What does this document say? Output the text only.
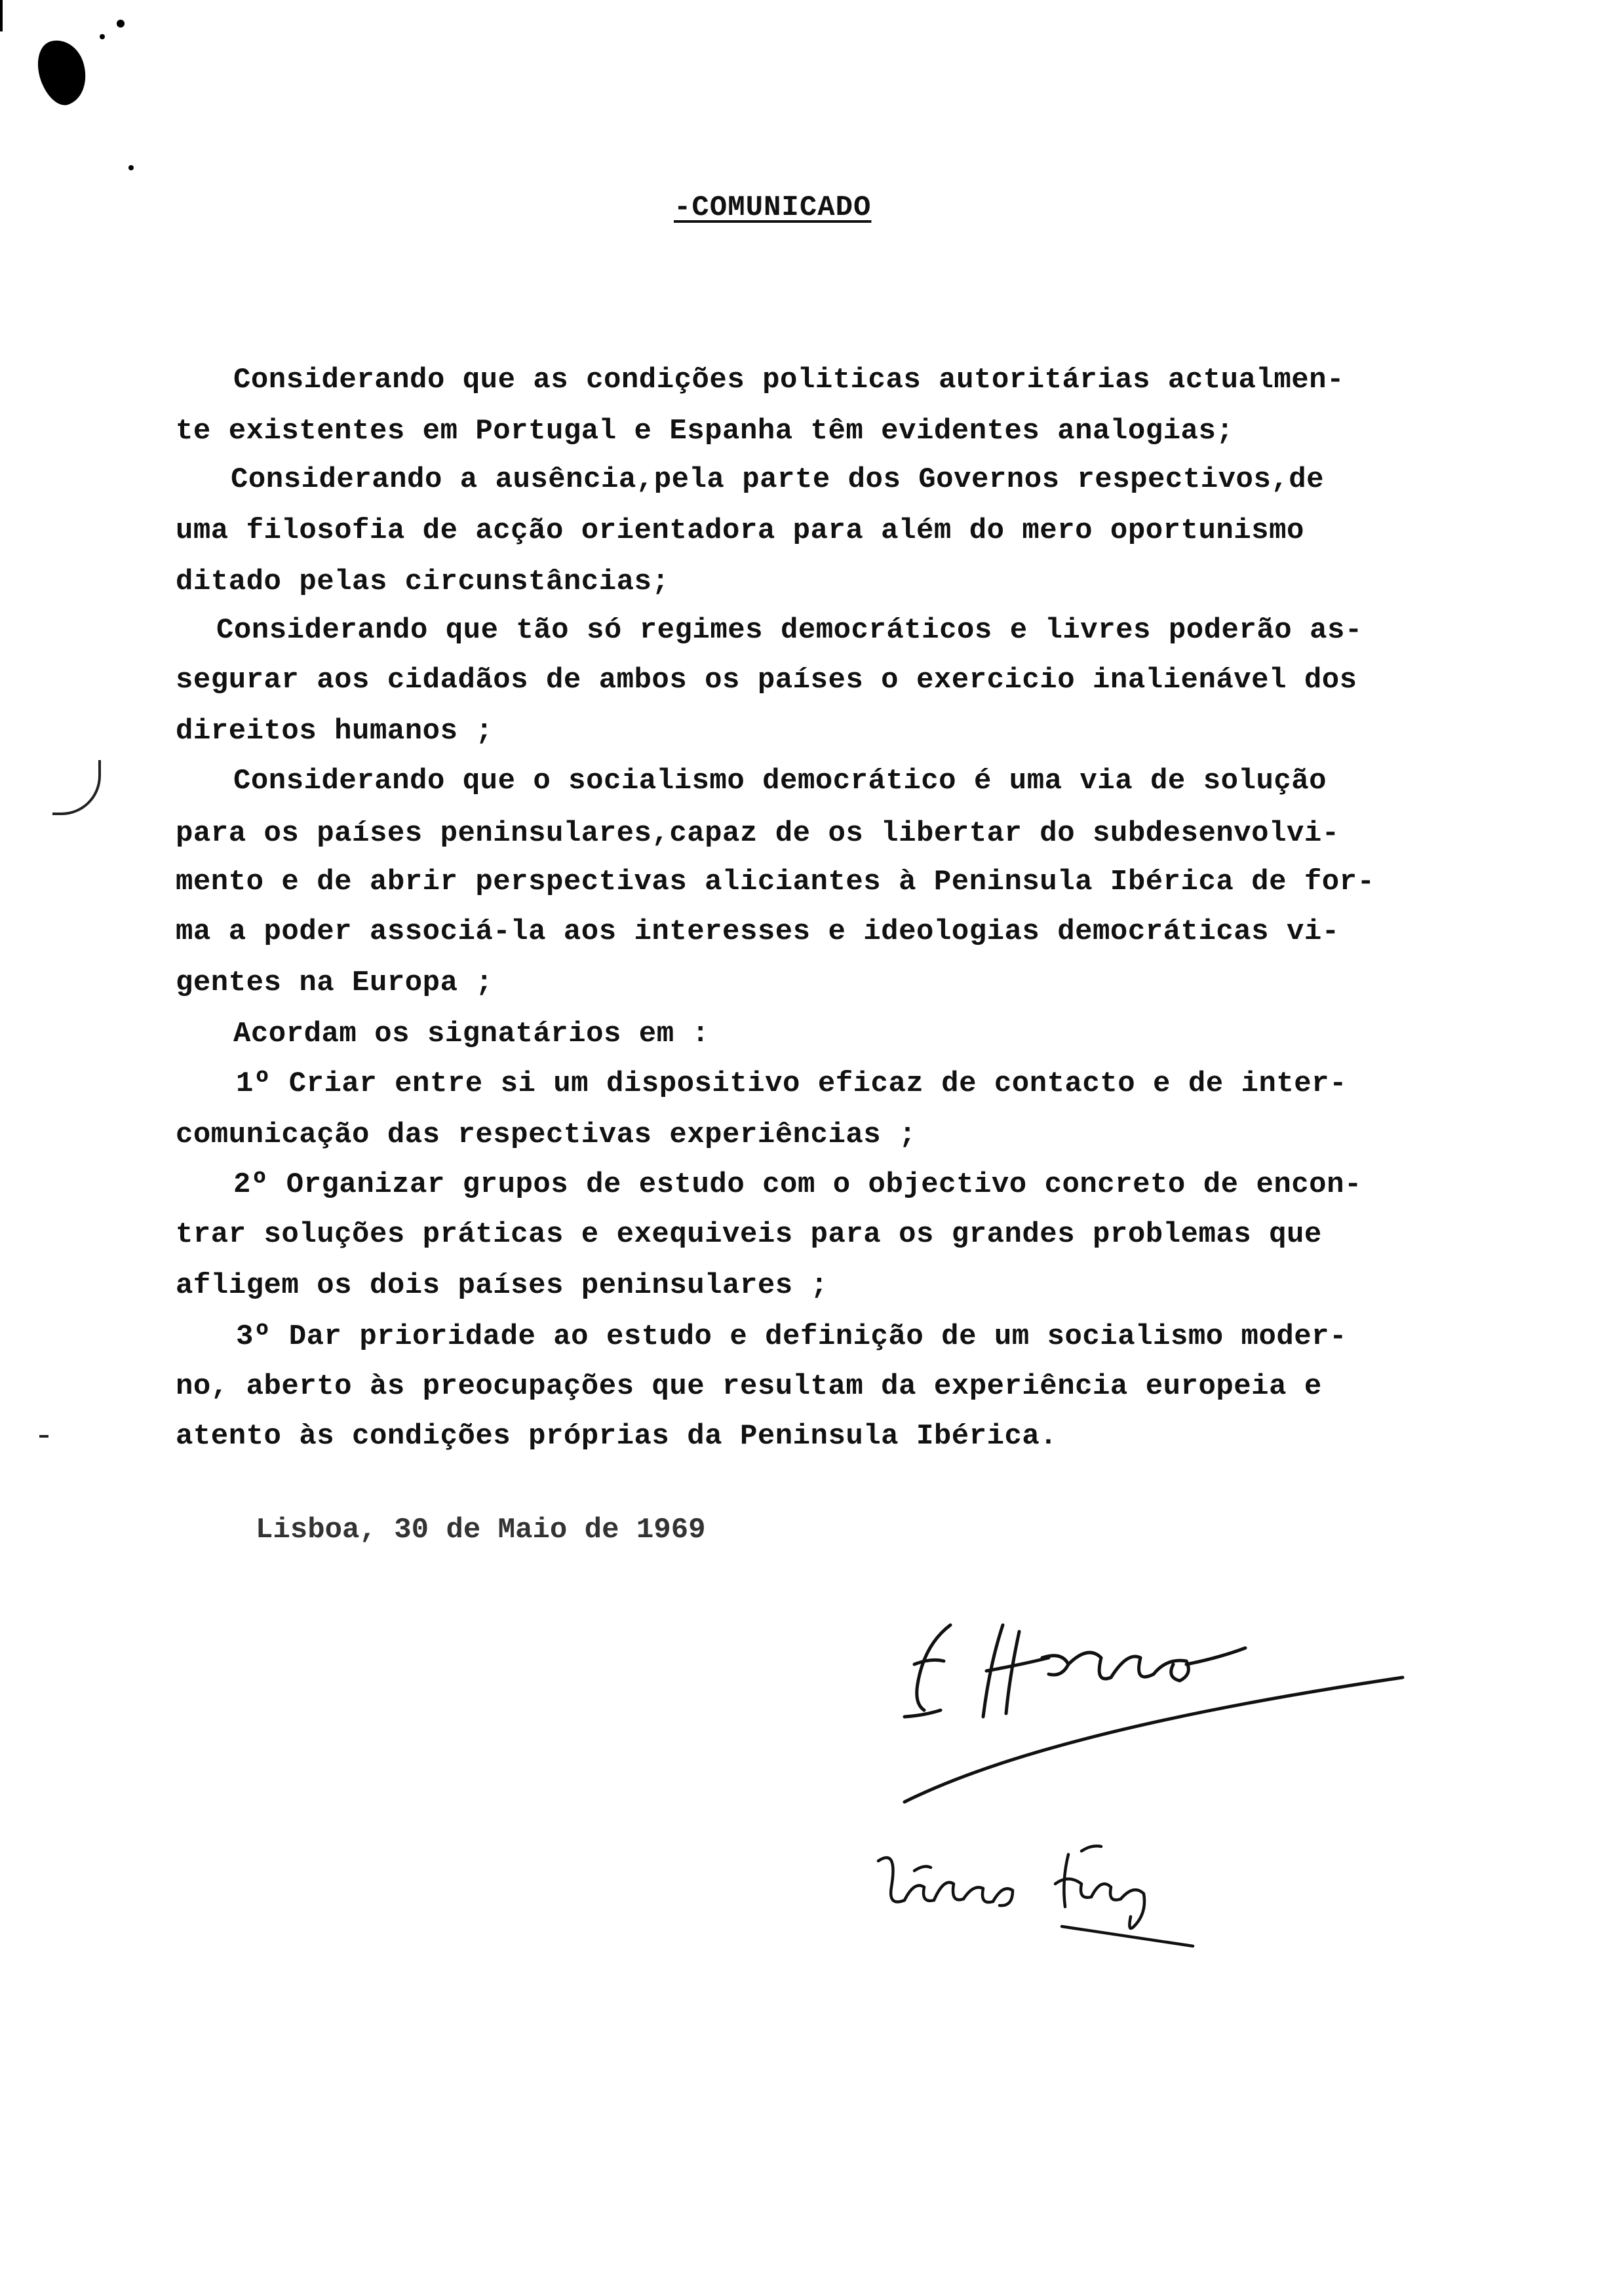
-COMUNICADO
Considerando que as condições politicas autoritárias actualmen-
te existentes em Portugal e Espanha têm evidentes analogias;
Considerando a ausência,pela parte dos Governos respectivos,de
uma filosofia de acção orientadora para além do mero oportunismo
ditado pelas circunstâncias;
Considerando que tão só regimes democráticos e livres poderão as-
segurar aos cidadãos de ambos os países o exercicio inalienável dos
direitos humanos ;
Considerando que o socialismo democrático é uma via de solução
para os países peninsulares,capaz de os libertar do subdesenvolvi-
mento e de abrir perspectivas aliciantes à Peninsula Ibérica de for-
ma a poder associá-la aos interesses e ideologias democráticas vi-
gentes na Europa ;
Acordam os signatários em :
1º Criar entre si um dispositivo eficaz de contacto e de inter-
comunicação das respectivas experiências ;
2º Organizar grupos de estudo com o objectivo concreto de encon-
trar soluções práticas e exequiveis para os grandes problemas que
afligem os dois países peninsulares ;
3º Dar prioridade ao estudo e definição de um socialismo moder-
no, aberto às preocupações que resultam da experiência europeia e
atento às condições próprias da Peninsula Ibérica.
Lisboa, 30 de Maio de 1969
